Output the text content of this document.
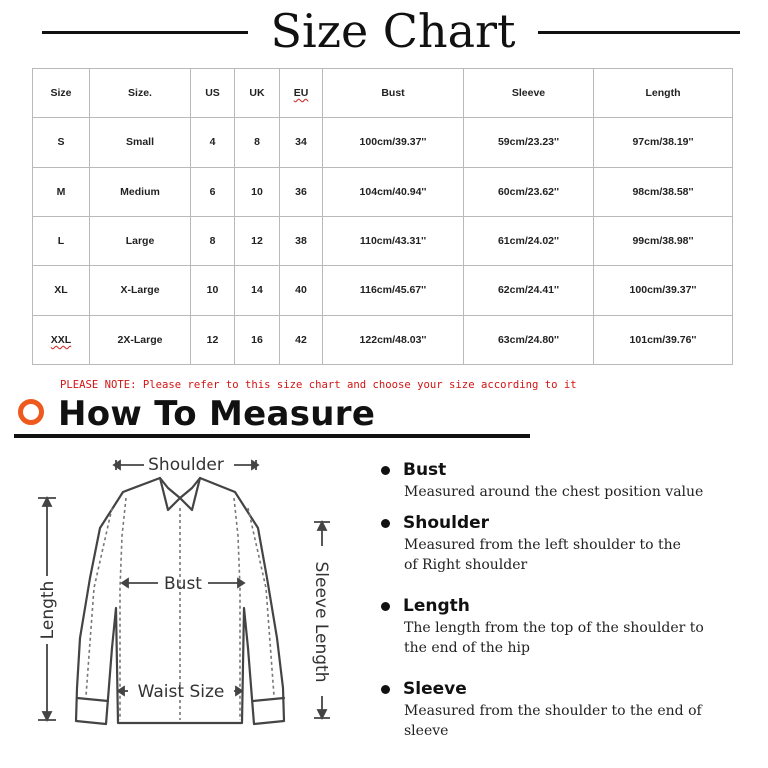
Size Chart
Size	Size.	US	UK	EU	Bust	Sleeve	Length
S	Small	4	8	34	100cm/39.37''	59cm/23.23''	97cm/38.19''
M	Medium	6	10	36	104cm/40.94''	60cm/23.62''	98cm/38.58''
L	Large	8	12	38	110cm/43.31''	61cm/24.02''	99cm/38.98''
XL	X-Large	10	14	40	116cm/45.67''	62cm/24.41''	100cm/39.37''
XXL	2X-Large	12	16	42	122cm/48.03''	63cm/24.80''	101cm/39.76''
PLEASE NOTE: Please refer to this size chart and choose your size according to it
How To Measure
Shoulder
Bust
Waist Size
Length	Sleeve Length
Bust
Measured around the chest position value
Shoulder
Measured from the left shoulder to the of Right shoulder
Length
The length from the top of the shoulder to the end of the hip
Sleeve
Measured from the shoulder to the end of sleeve
